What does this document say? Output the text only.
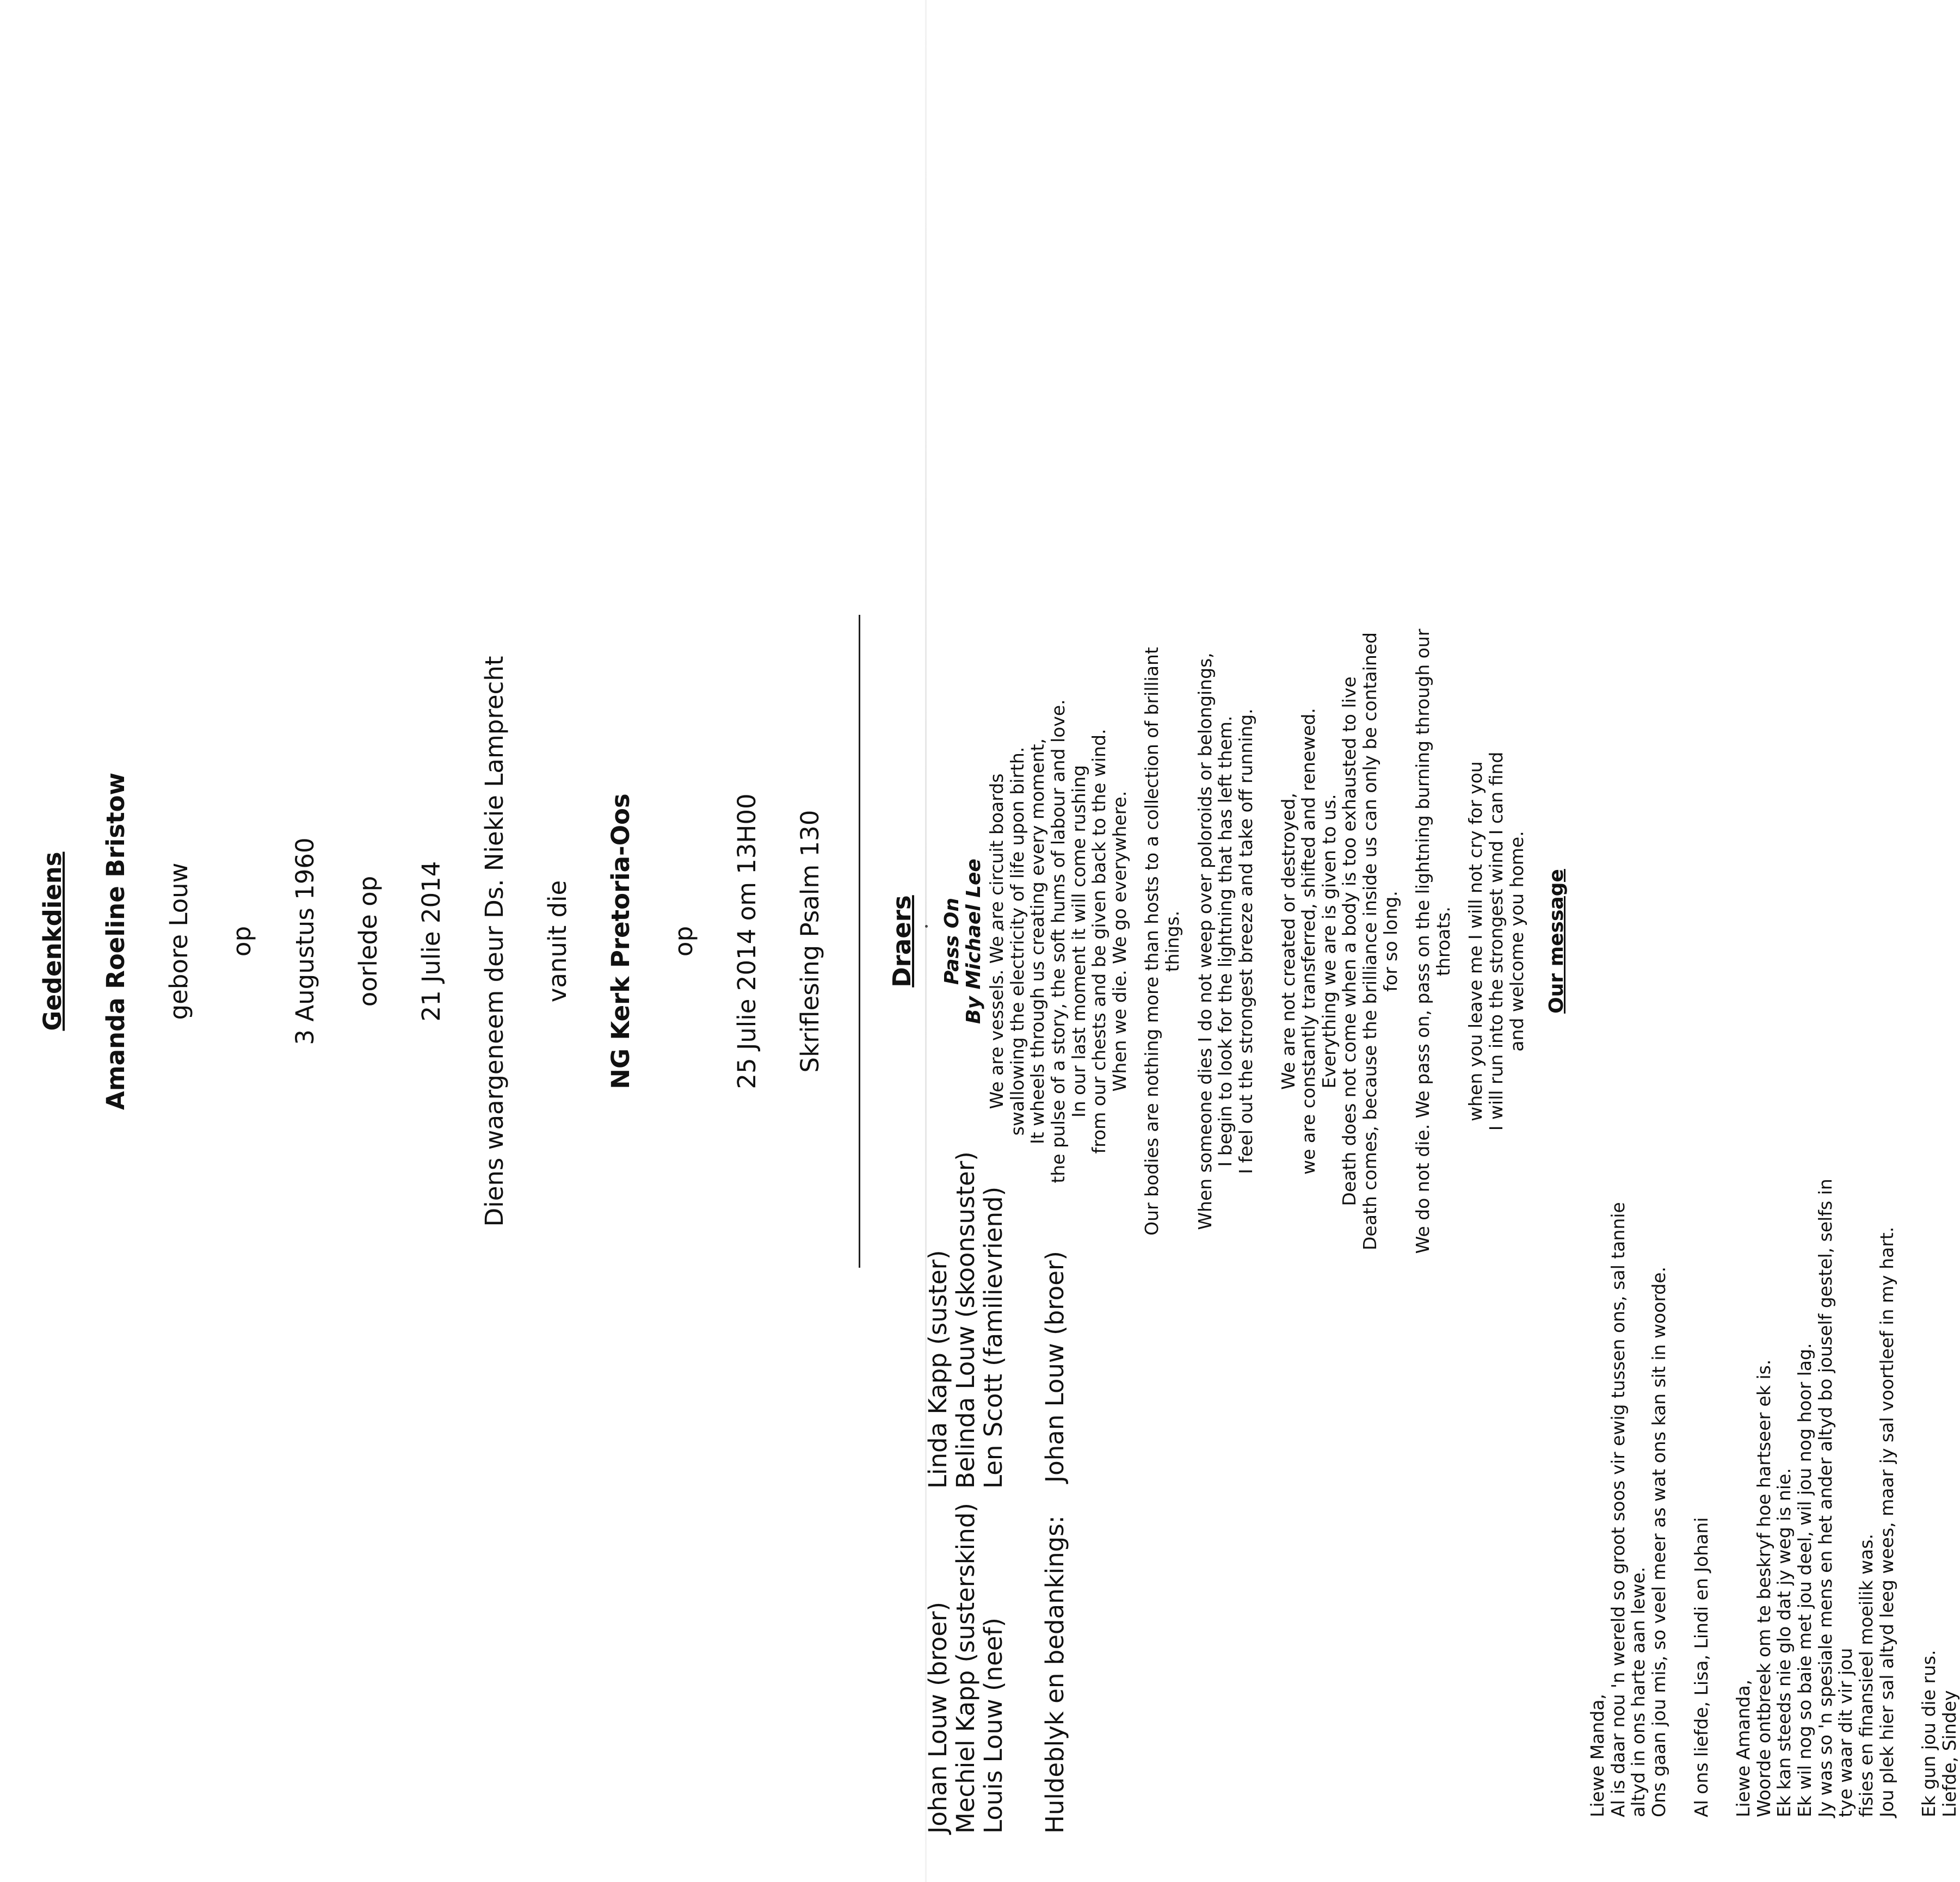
Gedenkdiens Amanda Roeline Bristow gebore Louw op 3 Augustus 1960 oorlede op 21 Julie 2014 Diens waargeneem deur Ds. Niekie Lamprecht vanuit die NG Kerk Pretoria-Oos op 25 Julie 2014 om 13H00 Skriflesing Psalm 130	Draers
Johan Louw (broer)
Linda Kapp (suster)
Mechiel Kapp (susterskind)
Belinda Louw (skoonsuster)
Louis Louw (neef)
Len Scott (familievriend)
Huldeblyk en bedankings:
Johan Louw (broer)
Pass On
By Michael Lee We are vessels. We are circuit boards
swallowing the electricity of life upon birth.
It wheels through us creating every moment,
the pulse of a story, the soft hums of labour and love.
In our last moment it will come rushing
from our chests and be given back to the wind.
When we die. We go everywhere. Our bodies are nothing more than hosts to a collection of brilliant
things. When someone dies I do not weep over poloroids or belongings,
I begin to look for the lightning that has left them.
I feel out the strongest breeze and take off running. We are not created or destroyed,
we are constantly transferred, shifted and renewed.
Everything we are is given to us.
Death does not come when a body is too exhausted to live
Death comes, because the brilliance inside us can only be contained
for so long. We do not die. We pass on, pass on the lightning burning through our
throats. when you leave me I will not cry for you
I will run into the strongest wind I can find
and welcome you home. Our message
Liewe Manda,
Al is daar nou 'n wereld so groot soos vir ewig tussen ons, sal tannie
altyd in ons harte aan lewe.
Ons gaan jou mis, so veel meer as wat ons kan sit in woorde. Al ons liefde, Lisa, Lindi en Johani Liewe Amanda,
Woorde ontbreek om te beskryf hoe hartseer ek is.
Ek kan steeds nie glo dat jy weg is nie.
Ek wil nog so baie met jou deel, wil jou nog hoor lag.
Jy was so 'n spesiale mens en het ander altyd bo jouself gestel, selfs in
tye waar dit vir jou
fisies en finansieel moeilik was.
Jou plek hier sal altyd leeg wees, maar jy sal voortleef in my hart. Ek gun jou die rus.
Liefde, Sindey
